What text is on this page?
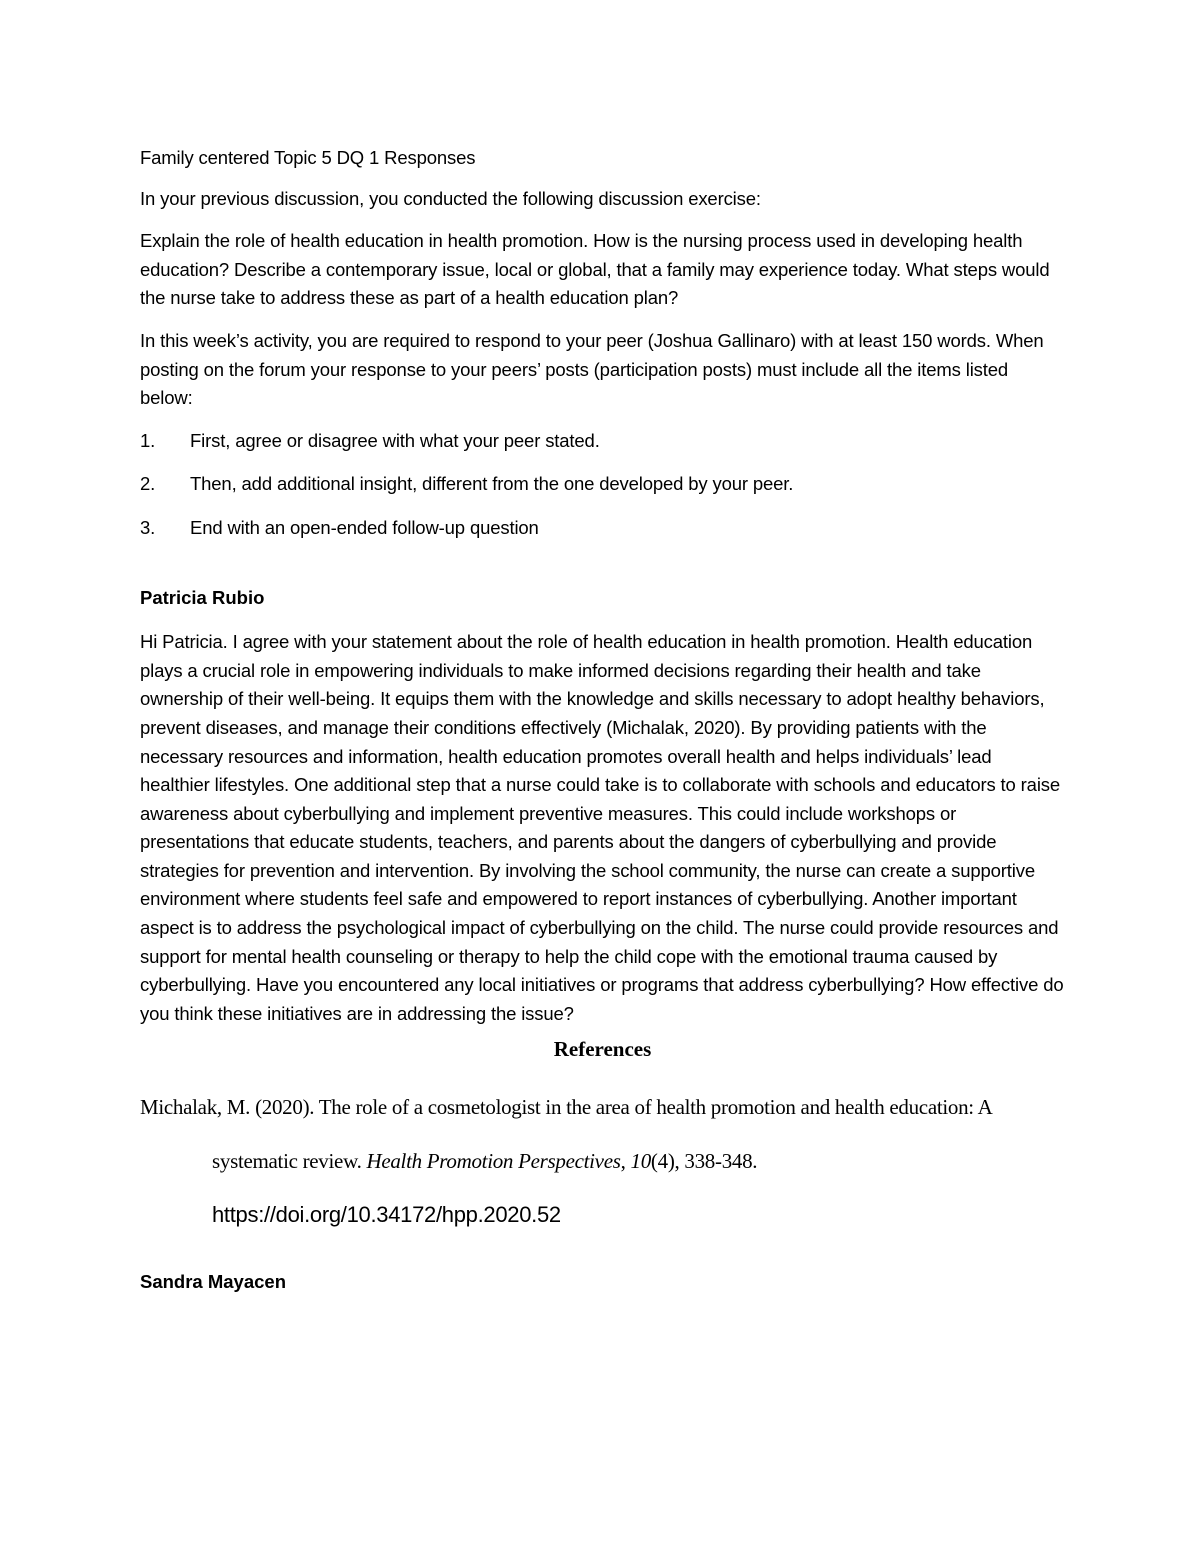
Family centered Topic 5 DQ 1 Responses

In your previous discussion, you conducted the following discussion exercise:

Explain the role of health education in health promotion. How is the nursing process used in developing health education? Describe a contemporary issue, local or global, that a family may experience today. What steps would the nurse take to address these as part of a health education plan?

In this week’s activity, you are required to respond to your peer (Joshua Gallinaro) with at least 150 words. When posting on the forum your response to your peers’ posts (participation posts) must include all the items listed below:

1.	First, agree or disagree with what your peer stated.
2.	Then, add additional insight, different from the one developed by your peer.
3.	End with an open-ended follow-up question

Patricia Rubio

Hi Patricia. I agree with your statement about the role of health education in health promotion. Health education plays a crucial role in empowering individuals to make informed decisions regarding their health and take ownership of their well-being. It equips them with the knowledge and skills necessary to adopt healthy behaviors, prevent diseases, and manage their conditions effectively (Michalak, 2020). By providing patients with the necessary resources and information, health education promotes overall health and helps individuals’ lead healthier lifestyles. One additional step that a nurse could take is to collaborate with schools and educators to raise awareness about cyberbullying and implement preventive measures. This could include workshops or presentations that educate students, teachers, and parents about the dangers of cyberbullying and provide strategies for prevention and intervention. By involving the school community, the nurse can create a supportive environment where students feel safe and empowered to report instances of cyberbullying. Another important aspect is to address the psychological impact of cyberbullying on the child. The nurse could provide resources and support for mental health counseling or therapy to help the child cope with the emotional trauma caused by cyberbullying. Have you encountered any local initiatives or programs that address cyberbullying? How effective do you think these initiatives are in addressing the issue?

References

Michalak, M. (2020). The role of a cosmetologist in the area of health promotion and health education: A systematic review. Health Promotion Perspectives, 10(4), 338-348. https://doi.org/10.34172/hpp.2020.52

Sandra Mayacen
